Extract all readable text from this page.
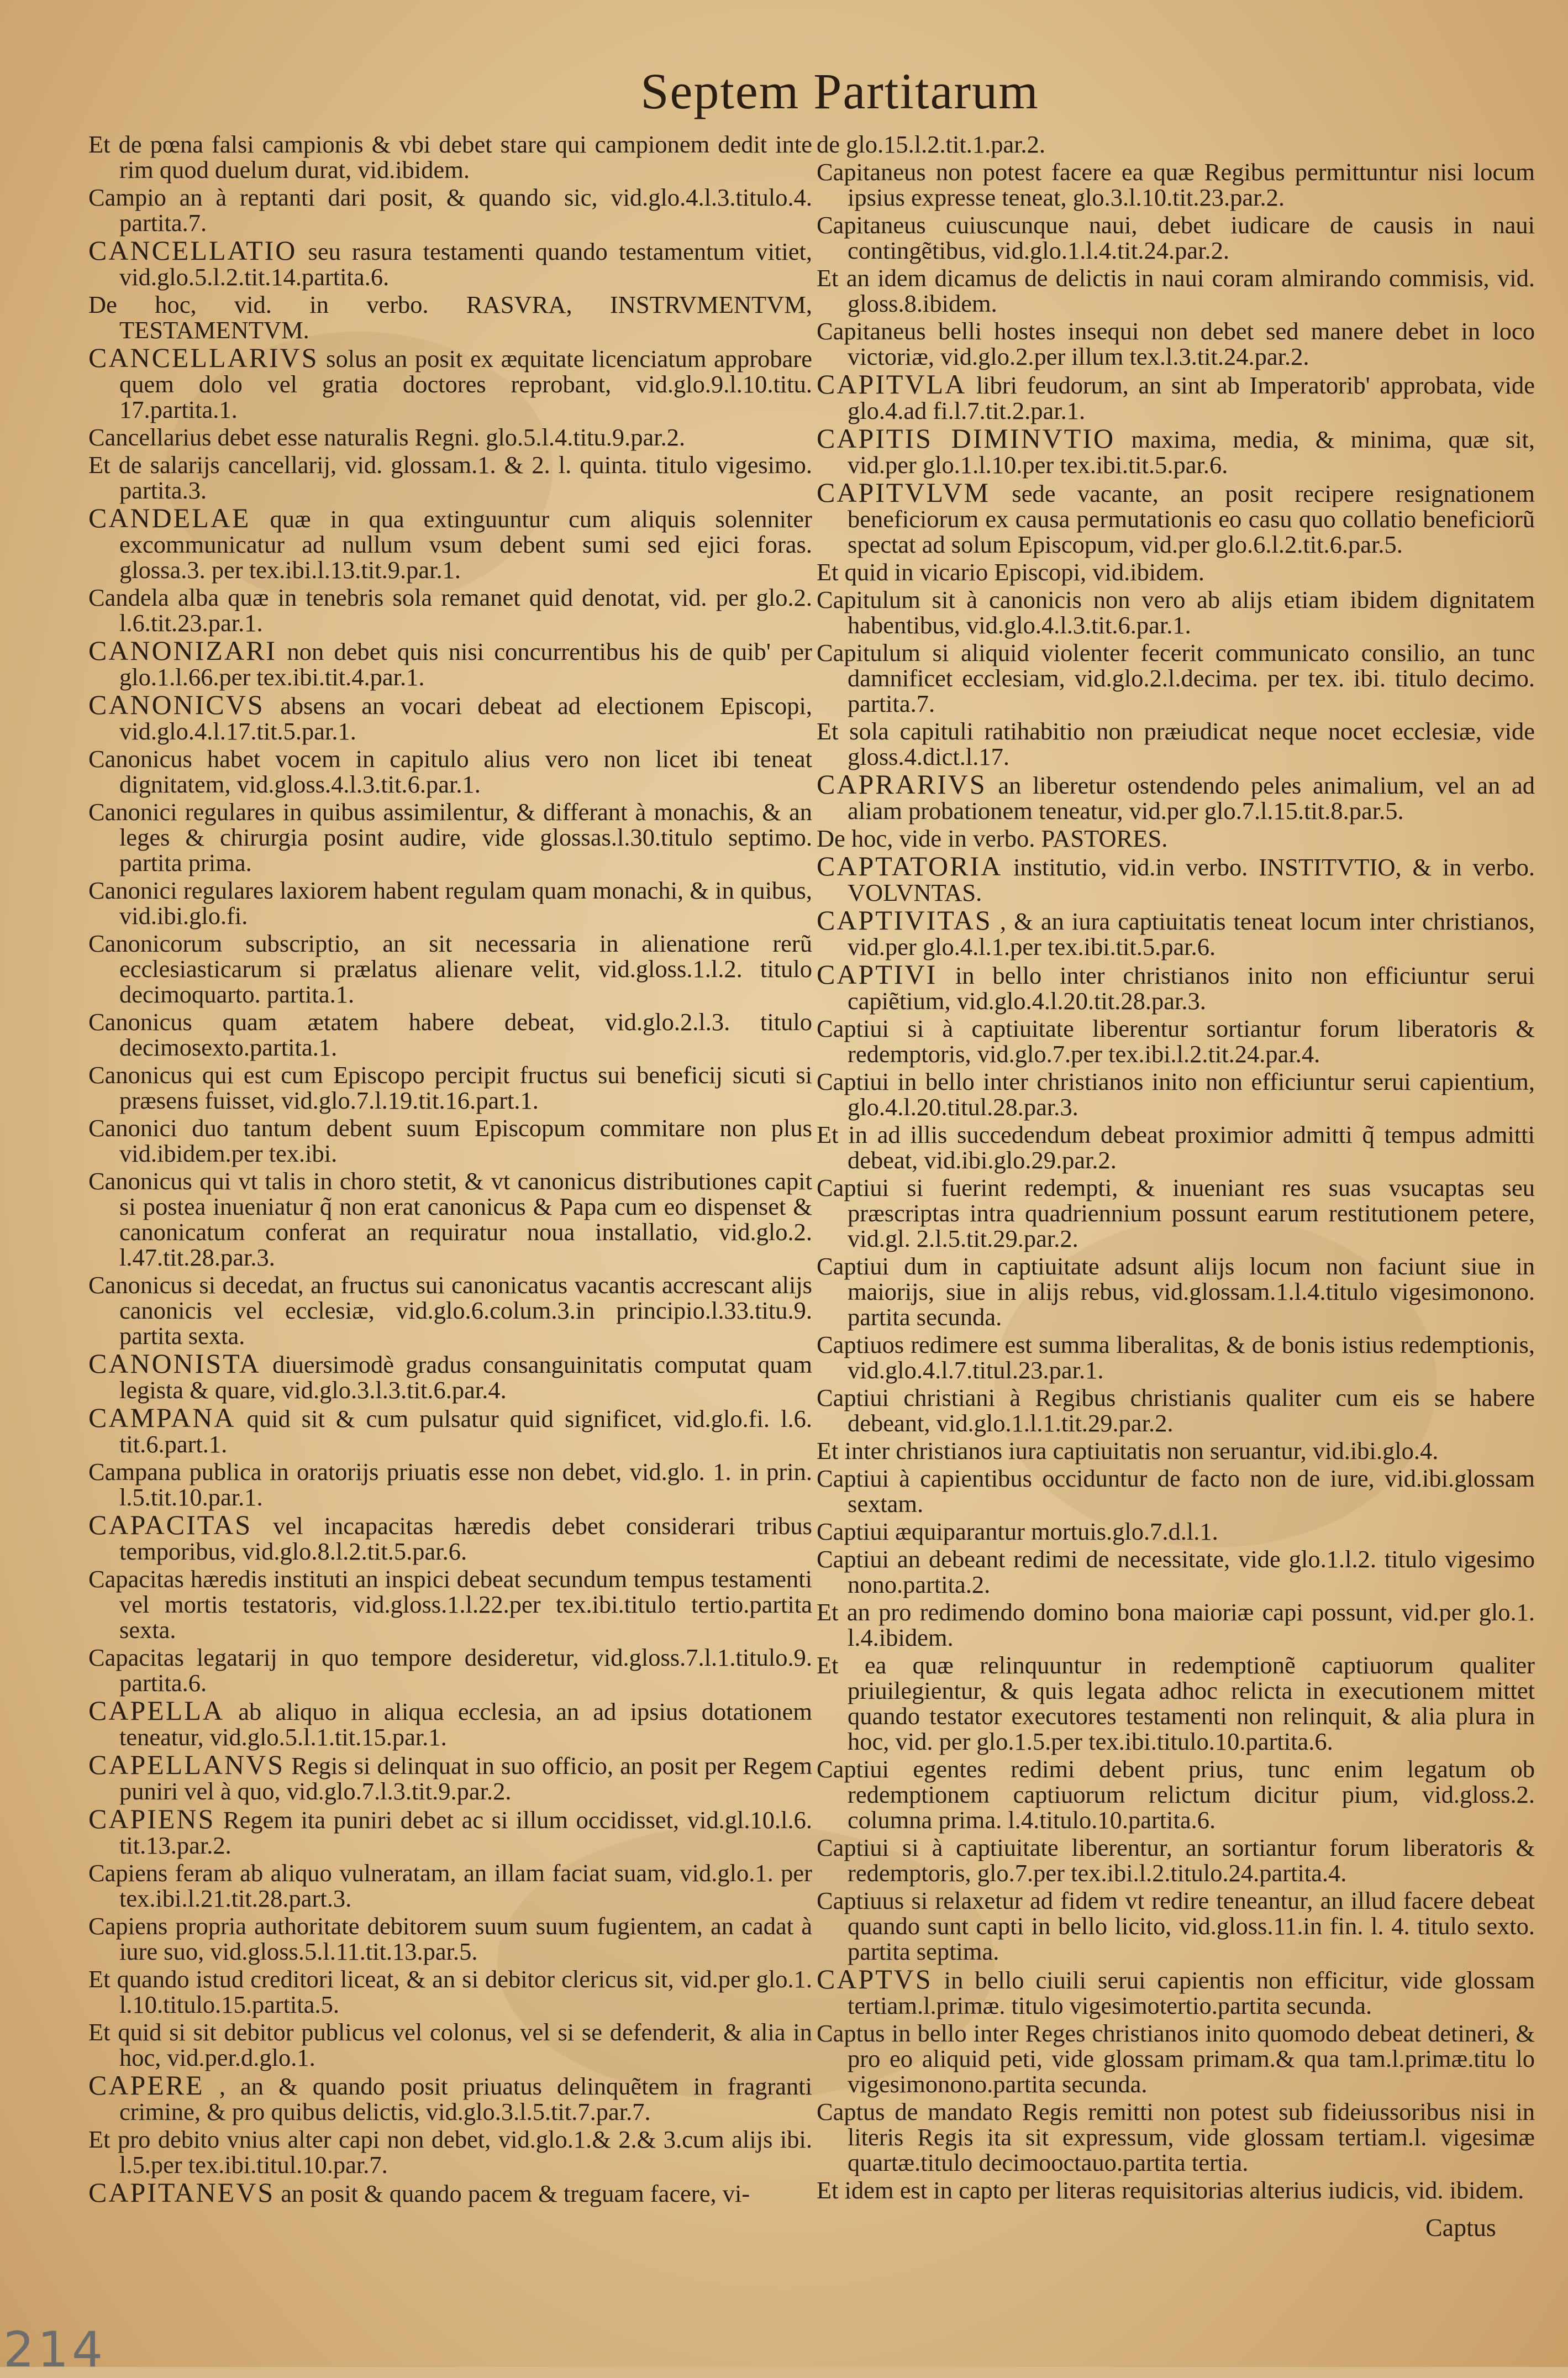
Septem Partitarum
Et de pœna falsi campionis & vbi debet stare qui campionem dedit inte rim quod duelum durat, vid.ibidem.
Campio an à reptanti dari posit, & quando sic, vid.glo.4.l.3.titulo.4. partita.7.
CANCELLATIO seu rasura testamenti quando testamentum vitiet, vid.glo.5.l.2.tit.14.partita.6.
De hoc, vid. in verbo. RASVRA, INSTRVMENTVM, TESTAMENTVM.
CANCELLARIVS solus an posit ex æquitate licenciatum approbare quem dolo vel gratia doctores reprobant, vid.glo.9.l.10.titu. 17.partita.1.
Cancellarius debet esse naturalis Regni. glo.5.l.4.titu.9.par.2.
Et de salarijs cancellarij, vid. glossam.1. & 2. l. quinta. titulo vigesimo. partita.3.
CANDELAE quæ in qua extinguuntur cum aliquis solenniter excommunicatur ad nullum vsum debent sumi sed ejici foras. glossa.3. per tex.ibi.l.13.tit.9.par.1.
Candela alba quæ in tenebris sola remanet quid denotat, vid. per glo.2. l.6.tit.23.par.1.
CANONIZARI non debet quis nisi concurrentibus his de quib' per glo.1.l.66.per tex.ibi.tit.4.par.1.
CANONICVS absens an vocari debeat ad electionem Episcopi, vid.glo.4.l.17.tit.5.par.1.
Canonicus habet vocem in capitulo alius vero non licet ibi teneat dignitatem, vid.gloss.4.l.3.tit.6.par.1.
Canonici regulares in quibus assimilentur, & differant à monachis, & an leges & chirurgia posint audire, vide glossas.l.30.titulo septimo. partita prima.
Canonici regulares laxiorem habent regulam quam monachi, & in quibus, vid.ibi.glo.fi.
Canonicorum subscriptio, an sit necessaria in alienatione rerũ ecclesiasticarum si prælatus alienare velit, vid.gloss.1.l.2. titulo decimoquarto. partita.1.
Canonicus quam ætatem habere debeat, vid.glo.2.l.3. titulo decimosexto.partita.1.
Canonicus qui est cum Episcopo percipit fructus sui beneficij sicuti si præsens fuisset, vid.glo.7.l.19.tit.16.part.1.
Canonici duo tantum debent suum Episcopum commitare non plus vid.ibidem.per tex.ibi.
Canonicus qui vt talis in choro stetit, & vt canonicus distributiones capit si postea inueniatur q̃ non erat canonicus & Papa cum eo dispenset & canonicatum conferat an requiratur noua installatio, vid.glo.2. l.47.tit.28.par.3.
Canonicus si decedat, an fructus sui canonicatus vacantis accrescant alijs canonicis vel ecclesiæ, vid.glo.6.colum.3.in principio.l.33.titu.9. partita sexta.
CANONISTA diuersimodè gradus consanguinitatis computat quam legista & quare, vid.glo.3.l.3.tit.6.par.4.
CAMPANA quid sit & cum pulsatur quid significet, vid.glo.fi. l.6. tit.6.part.1.
Campana publica in oratorijs priuatis esse non debet, vid.glo. 1. in prin. l.5.tit.10.par.1.
CAPACITAS vel incapacitas hæredis debet considerari tribus temporibus, vid.glo.8.l.2.tit.5.par.6.
Capacitas hæredis instituti an inspici debeat secundum tempus testamenti vel mortis testatoris, vid.gloss.1.l.22.per tex.ibi.titulo tertio.partita sexta.
Capacitas legatarij in quo tempore desideretur, vid.gloss.7.l.1.titulo.9. partita.6.
CAPELLA ab aliquo in aliqua ecclesia, an ad ipsius dotationem teneatur, vid.glo.5.l.1.tit.15.par.1.
CAPELLANVS Regis si delinquat in suo officio, an posit per Regem puniri vel à quo, vid.glo.7.l.3.tit.9.par.2.
CAPIENS Regem ita puniri debet ac si illum occidisset, vid.gl.10.l.6. tit.13.par.2.
Capiens feram ab aliquo vulneratam, an illam faciat suam, vid.glo.1. per tex.ibi.l.21.tit.28.part.3.
Capiens propria authoritate debitorem suum suum fugientem, an cadat à iure suo, vid.gloss.5.l.11.tit.13.par.5.
Et quando istud creditori liceat, & an si debitor clericus sit, vid.per glo.1. l.10.titulo.15.partita.5.
Et quid si sit debitor publicus vel colonus, vel si se defenderit, & alia in hoc, vid.per.d.glo.1.
CAPERE , an & quando posit priuatus delinquẽtem in fragranti crimine, & pro quibus delictis, vid.glo.3.l.5.tit.7.par.7.
Et pro debito vnius alter capi non debet, vid.glo.1.& 2.& 3.cum alijs ibi. l.5.per tex.ibi.titul.10.par.7.
CAPITANEVS an posit & quando pacem & treguam facere, vi-
de glo.15.l.2.tit.1.par.2.
Capitaneus non potest facere ea quæ Regibus permittuntur nisi locum ipsius expresse teneat, glo.3.l.10.tit.23.par.2.
Capitaneus cuiuscunque naui, debet iudicare de causis in naui contingẽtibus, vid.glo.1.l.4.tit.24.par.2.
Et an idem dicamus de delictis in naui coram almirando commisis, vid. gloss.8.ibidem.
Capitaneus belli hostes insequi non debet sed manere debet in loco victoriæ, vid.glo.2.per illum tex.l.3.tit.24.par.2.
CAPITVLA libri feudorum, an sint ab Imperatorib' approbata, vide glo.4.ad fi.l.7.tit.2.par.1.
CAPITIS DIMINVTIO maxima, media, & minima, quæ sit, vid.per glo.1.l.10.per tex.ibi.tit.5.par.6.
CAPITVLVM sede vacante, an posit recipere resignationem beneficiorum ex causa permutationis eo casu quo collatio beneficiorũ spectat ad solum Episcopum, vid.per glo.6.l.2.tit.6.par.5.
Et quid in vicario Episcopi, vid.ibidem.
Capitulum sit à canonicis non vero ab alijs etiam ibidem dignitatem habentibus, vid.glo.4.l.3.tit.6.par.1.
Capitulum si aliquid violenter fecerit communicato consilio, an tunc damnificet ecclesiam, vid.glo.2.l.decima. per tex. ibi. titulo decimo. partita.7.
Et sola capituli ratihabitio non præiudicat neque nocet ecclesiæ, vide gloss.4.dict.l.17.
CAPRARIVS an liberetur ostendendo peles animalium, vel an ad aliam probationem teneatur, vid.per glo.7.l.15.tit.8.par.5.
De hoc, vide in verbo. PASTORES.
CAPTATORIA institutio, vid.in verbo. INSTITVTIO, & in verbo. VOLVNTAS.
CAPTIVITAS , & an iura captiuitatis teneat locum inter christianos, vid.per glo.4.l.1.per tex.ibi.tit.5.par.6.
CAPTIVI in bello inter christianos inito non efficiuntur serui capiẽtium, vid.glo.4.l.20.tit.28.par.3.
Captiui si à captiuitate liberentur sortiantur forum liberatoris & redemptoris, vid.glo.7.per tex.ibi.l.2.tit.24.par.4.
Captiui in bello inter christianos inito non efficiuntur serui capientium, glo.4.l.20.titul.28.par.3.
Et in ad illis succedendum debeat proximior admitti q̃ tempus admitti debeat, vid.ibi.glo.29.par.2.
Captiui si fuerint redempti, & inueniant res suas vsucaptas seu præscriptas intra quadriennium possunt earum restitutionem petere, vid.gl. 2.l.5.tit.29.par.2.
Captiui dum in captiuitate adsunt alijs locum non faciunt siue in maiorijs, siue in alijs rebus, vid.glossam.1.l.4.titulo vigesimonono. partita secunda.
Captiuos redimere est summa liberalitas, & de bonis istius redemptionis, vid.glo.4.l.7.titul.23.par.1.
Captiui christiani à Regibus christianis qualiter cum eis se habere debeant, vid.glo.1.l.1.tit.29.par.2.
Et inter christianos iura captiuitatis non seruantur, vid.ibi.glo.4.
Captiui à capientibus occiduntur de facto non de iure, vid.ibi.glossam sextam.
Captiui æquiparantur mortuis.glo.7.d.l.1.
Captiui an debeant redimi de necessitate, vide glo.1.l.2. titulo vigesimo nono.partita.2.
Et an pro redimendo domino bona maioriæ capi possunt, vid.per glo.1. l.4.ibidem.
Et ea quæ relinquuntur in redemptionẽ captiuorum qualiter priuilegientur, & quis legata adhoc relicta in executionem mittet quando testator executores testamenti non relinquit, & alia plura in hoc, vid. per glo.1.5.per tex.ibi.titulo.10.partita.6.
Captiui egentes redimi debent prius, tunc enim legatum ob redemptionem captiuorum relictum dicitur pium, vid.gloss.2. columna prima. l.4.titulo.10.partita.6.
Captiui si à captiuitate liberentur, an sortiantur forum liberatoris & redemptoris, glo.7.per tex.ibi.l.2.titulo.24.partita.4.
Captiuus si relaxetur ad fidem vt redire teneantur, an illud facere debeat quando sunt capti in bello licito, vid.gloss.11.in fin. l. 4. titulo sexto. partita septima.
CAPTVS in bello ciuili serui capientis non efficitur, vide glossam tertiam.l.primæ. titulo vigesimotertio.partita secunda.
Captus in bello inter Reges christianos inito quomodo debeat detineri, & pro eo aliquid peti, vide glossam primam.& qua tam.l.primæ.titu lo vigesimonono.partita secunda.
Captus de mandato Regis remitti non potest sub fideiussoribus nisi in literis Regis ita sit expressum, vide glossam tertiam.l. vigesimæ quartæ.titulo decimooctauo.partita tertia.
Et idem est in capto per literas requisitorias alterius iudicis, vid. ibidem.
Captus
214
